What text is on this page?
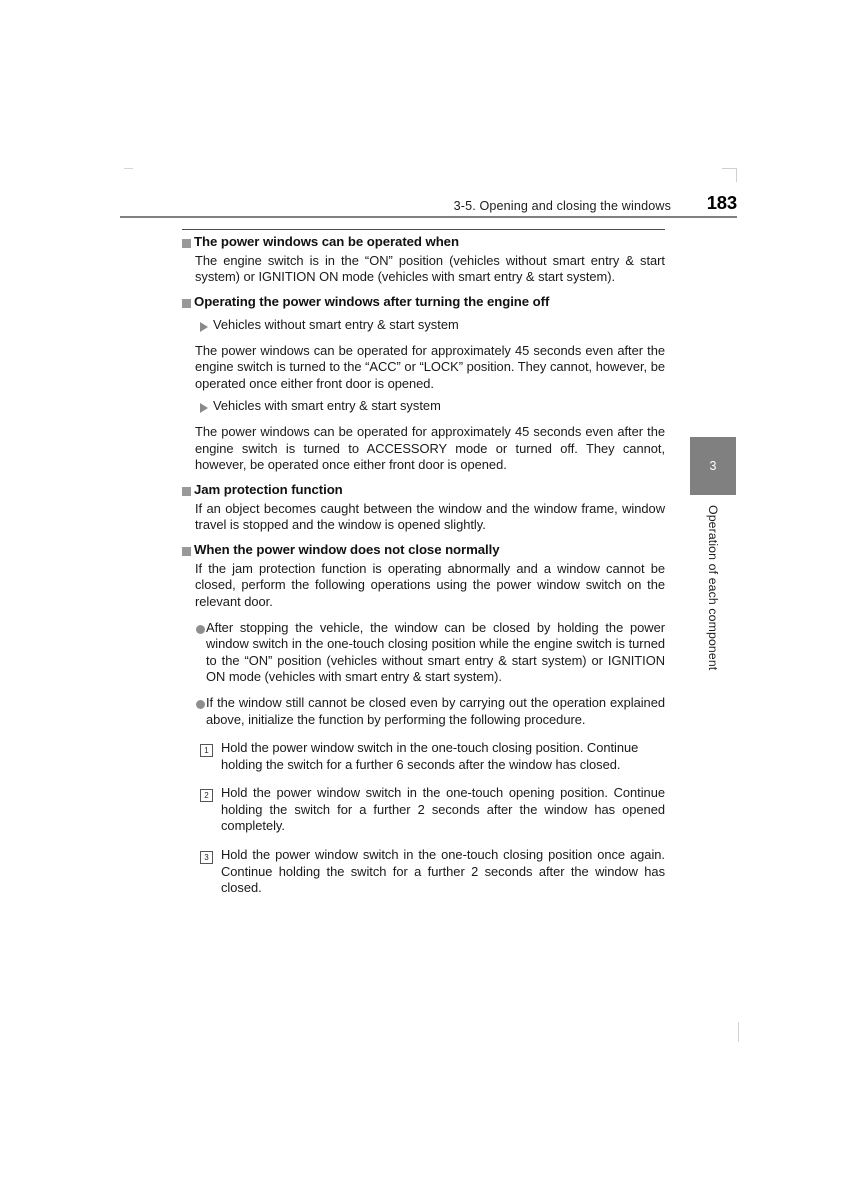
3-5. Opening and closing the windows	183
The power windows can be operated when
The engine switch is in the “ON” position (vehicles without smart entry & start system) or IGNITION ON mode (vehicles with smart entry & start system).
Operating the power windows after turning the engine off
Vehicles without smart entry & start system
The power windows can be operated for approximately 45 seconds even after the engine switch is turned to the “ACC” or “LOCK” position. They cannot, however, be operated once either front door is opened.
Vehicles with smart entry & start system
The power windows can be operated for approximately 45 seconds even after the engine switch is turned to ACCESSORY mode or turned off. They cannot, however, be operated once either front door is opened.
Jam protection function
If an object becomes caught between the window and the window frame, window travel is stopped and the window is opened slightly.
When the power window does not close normally
If the jam protection function is operating abnormally and a window cannot be closed, perform the following operations using the power window switch on the relevant door.
After stopping the vehicle, the window can be closed by holding the power window switch in the one-touch closing position while the engine switch is turned to the “ON” position (vehicles without smart entry & start system) or IGNITION ON mode (vehicles with smart entry & start system).
If the window still cannot be closed even by carrying out the operation explained above, initialize the function by performing the following procedure.
1 Hold the power window switch in the one-touch closing position. Continue holding the switch for a further 6 seconds after the window has closed.
2 Hold the power window switch in the one-touch opening position. Continue holding the switch for a further 2 seconds after the window has opened completely.
3 Hold the power window switch in the one-touch closing position once again. Continue holding the switch for a further 2 seconds after the window has closed.
3
Operation of each component
